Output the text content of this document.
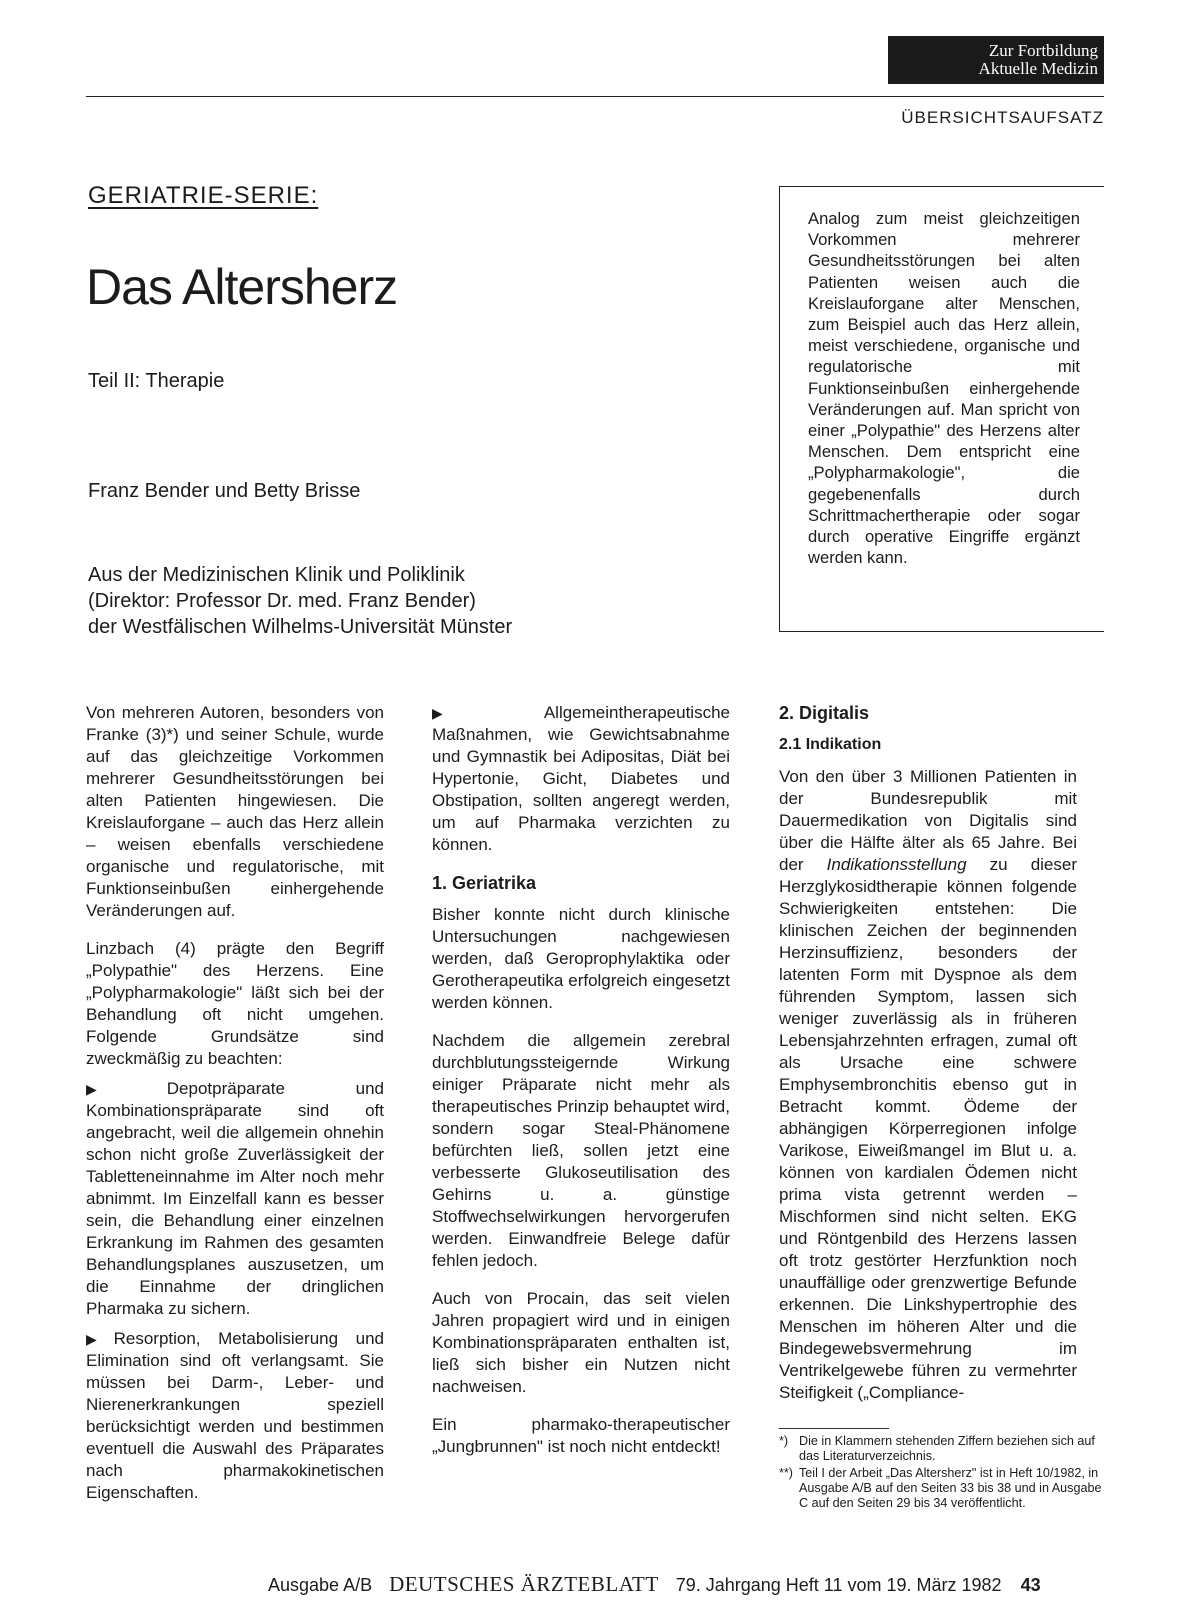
Zur Fortbildung
Aktuelle Medizin
ÜBERSICHTSAUFSATZ
GERIATRIE-SERIE:
Das Altersherz
Teil II: Therapie
Franz Bender und Betty Brisse
Aus der Medizinischen Klinik und Poliklinik
(Direktor: Professor Dr. med. Franz Bender)
der Westfälischen Wilhelms-Universität Münster
Analog zum meist gleichzeitigen Vorkommen mehrerer Gesundheitsstörungen bei alten Patienten weisen auch die Kreislauforgane alter Menschen, zum Beispiel auch das Herz allein, meist verschiedene, organische und regulatorische mit Funktionseinbußen einhergehende Veränderungen auf. Man spricht von einer „Polypathie" des Herzens alter Menschen. Dem entspricht eine „Polypharmakologie", die gegebenenfalls durch Schrittmachertherapie oder sogar durch operative Eingriffe ergänzt werden kann.

Von mehreren Autoren, besonders von Franke (3)*) und seiner Schule, wurde auf das gleichzeitige Vorkommen mehrerer Gesundheitsstörungen bei alten Patienten hingewiesen. Die Kreislauforgane – auch das Herz allein – weisen ebenfalls verschiedene organische und regulatorische, mit Funktionseinbußen einhergehende Veränderungen auf.

Linzbach (4) prägte den Begriff „Polypathie" des Herzens. Eine „Polypharmakologie" läßt sich bei der Behandlung oft nicht umgehen. Folgende Grundsätze sind zweckmäßig zu beachten:

▶ Depotpräparate und Kombinationspräparate sind oft angebracht, weil die allgemein ohnehin schon nicht große Zuverlässigkeit der Tabletteneinnahme im Alter noch mehr abnimmt. Im Einzelfall kann es besser sein, die Behandlung einer einzelnen Erkrankung im Rahmen des gesamten Behandlungsplanes auszusetzen, um die Einnahme der dringlichen Pharmaka zu sichern.

▶ Resorption, Metabolisierung und Elimination sind oft verlangsamt. Sie müssen bei Darm-, Leber- und Nierenerkrankungen speziell berücksichtigt werden und bestimmen eventuell die Auswahl des Präparates nach pharmakokinetischen Eigenschaften.

▶ Allgemeintherapeutische Maßnahmen, wie Gewichtsabnahme und Gymnastik bei Adipositas, Diät bei Hypertonie, Gicht, Diabetes und Obstipation, sollten angeregt werden, um auf Pharmaka verzichten zu können.

1. Geriatrika

Bisher konnte nicht durch klinische Untersuchungen nachgewiesen werden, daß Geroprophylaktika oder Gerotherapeutika erfolgreich eingesetzt werden können.

Nachdem die allgemein zerebral durchblutungssteigernde Wirkung einiger Präparate nicht mehr als therapeutisches Prinzip behauptet wird, sondern sogar Steal-Phänomene befürchten ließ, sollen jetzt eine verbesserte Glukoseutilisation des Gehirns u. a. günstige Stoffwechselwirkungen hervorgerufen werden. Einwandfreie Belege dafür fehlen jedoch.

Auch von Procain, das seit vielen Jahren propagiert wird und in einigen Kombinationspräparaten enthalten ist, ließ sich bisher ein Nutzen nicht nachweisen.

Ein pharmako-therapeutischer „Jungbrunnen" ist noch nicht entdeckt!

2. Digitalis
2.1 Indikation

Von den über 3 Millionen Patienten in der Bundesrepublik mit Dauermedikation von Digitalis sind über die Hälfte älter als 65 Jahre. Bei der Indikationsstellung zu dieser Herzglykosidtherapie können folgende Schwierigkeiten entstehen: Die klinischen Zeichen der beginnenden Herzinsuffizienz, besonders der latenten Form mit Dyspnoe als dem führenden Symptom, lassen sich weniger zuverlässig als in früheren Lebensjahrzehnten erfragen, zumal oft als Ursache eine schwere Emphysembronchitis ebenso gut in Betracht kommt. Ödeme der abhängigen Körperregionen infolge Varikose, Eiweißmangel im Blut u. a. können von kardialen Ödemen nicht prima vista getrennt werden – Mischformen sind nicht selten. EKG und Röntgenbild des Herzens lassen oft trotz gestörter Herzfunktion noch unauffällige oder grenzwertige Befunde erkennen. Die Linkshypertrophie des Menschen im höheren Alter und die Bindegewebsvermehrung im Ventrikelgewebe führen zu vermehrter Steifigkeit („Compliance-

*) Die in Klammern stehenden Ziffern beziehen sich auf das Literaturverzeichnis.
**) Teil I der Arbeit „Das Altersherz" ist in Heft 10/1982, in Ausgabe A/B auf den Seiten 33 bis 38 und in Ausgabe C auf den Seiten 29 bis 34 veröffentlicht.
Ausgabe A/B DEUTSCHES ÄRZTEBLATT 79. Jahrgang Heft 11 vom 19. März 1982 43
